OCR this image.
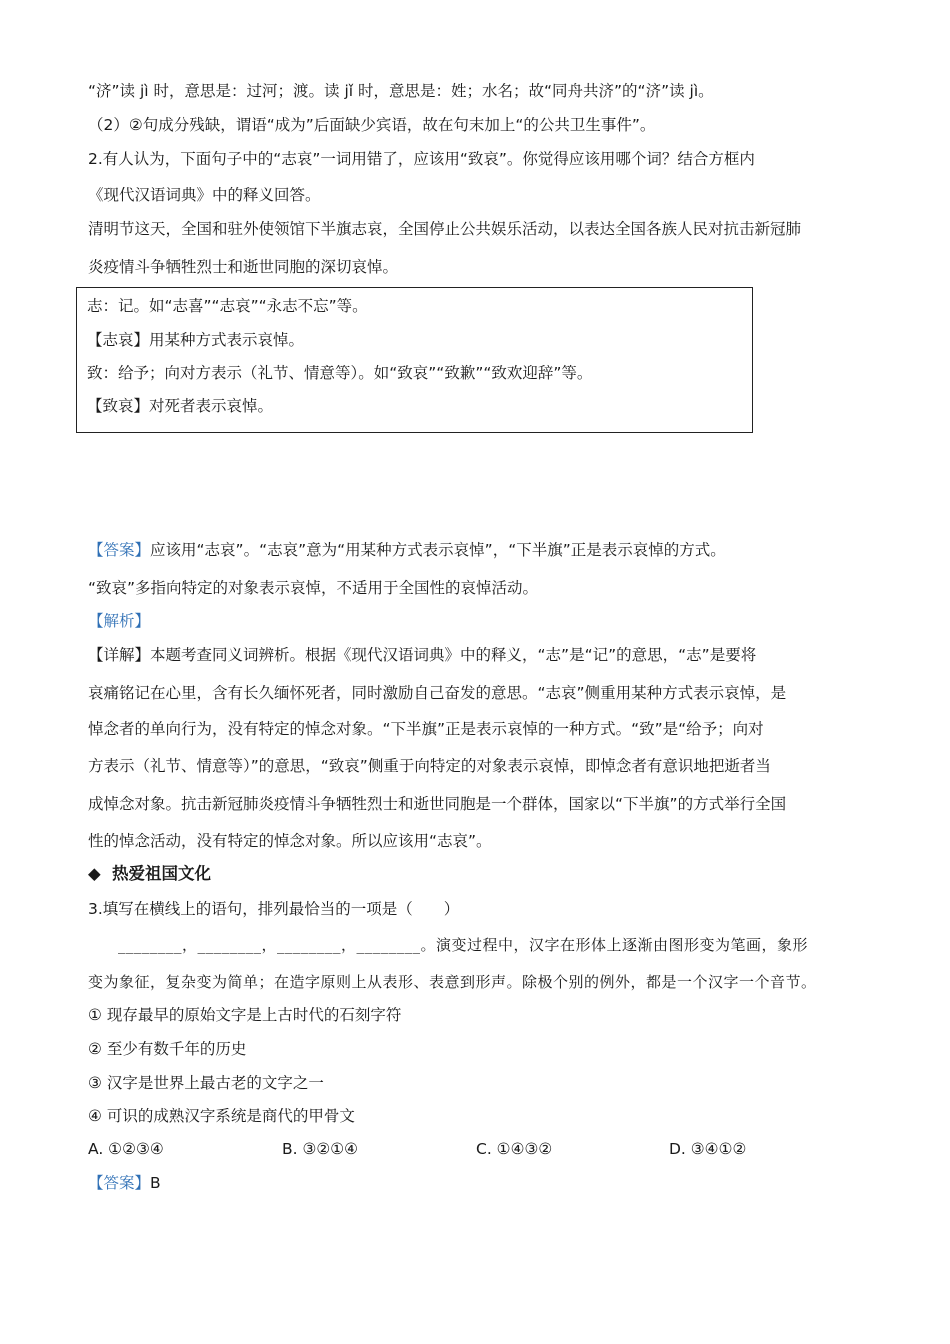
“济”读 jì 时，意思是：过河；渡。读 jǐ 时，意思是：姓；水名；故“同舟共济”的“济”读 jì。
（2）②句成分残缺，谓语“成为”后面缺少宾语，故在句末加上“的公共卫生事件”。
2.有人认为，下面句子中的“志哀”一词用错了，应该用“致哀”。你觉得应该用哪个词？结合方框内
《现代汉语词典》中的释义回答。
清明节这天，全国和驻外使领馆下半旗志哀，全国停止公共娱乐活动，以表达全国各族人民对抗击新冠肺
炎疫情斗争牺牲烈士和逝世同胞的深切哀悼。
志：记。如“志喜”“志哀”“永志不忘”等。
【志哀】用某种方式表示哀悼。
致：给予；向对方表示（礼节、情意等）。如“致哀”“致歉”“致欢迎辞”等。
【致哀】对死者表示哀悼。
【答案】应该用“志哀”。“志哀”意为“用某种方式表示哀悼”，“下半旗”正是表示哀悼的方式。
“致哀”多指向特定的对象表示哀悼，不适用于全国性的哀悼活动。
【解析】
【详解】本题考查同义词辨析。根据《现代汉语词典》中的释义，“志”是“记”的意思，“志”是要将
哀痛铭记在心里，含有长久缅怀死者，同时激励自己奋发的意思。“志哀”侧重用某种方式表示哀悼，是
悼念者的单向行为，没有特定的悼念对象。“下半旗”正是表示哀悼的一种方式。“致”是“给予；向对
方表示（礼节、情意等）”的意思，“致哀”侧重于向特定的对象表示哀悼，即悼念者有意识地把逝者当
成悼念对象。抗击新冠肺炎疫情斗争牺牲烈士和逝世同胞是一个群体，国家以“下半旗”的方式举行全国
性的悼念活动，没有特定的悼念对象。所以应该用“志哀”。
◆ 热爱祖国文化
3.填写在横线上的语句，排列最恰当的一项是（　　）
________，________，________，________。演变过程中，汉字在形体上逐渐由图形变为笔画，象形
变为象征，复杂变为简单；在造字原则上从表形、表意到形声。除极个别的例外，都是一个汉字一个音节。
① 现存最早的原始文字是上古时代的石刻字符
② 至少有数千年的历史
③ 汉字是世界上最古老的文字之一
④ 可识的成熟汉字系统是商代的甲骨文
A. ①②③④	B. ③②①④	C. ①④③②	D. ③④①②
【答案】B
